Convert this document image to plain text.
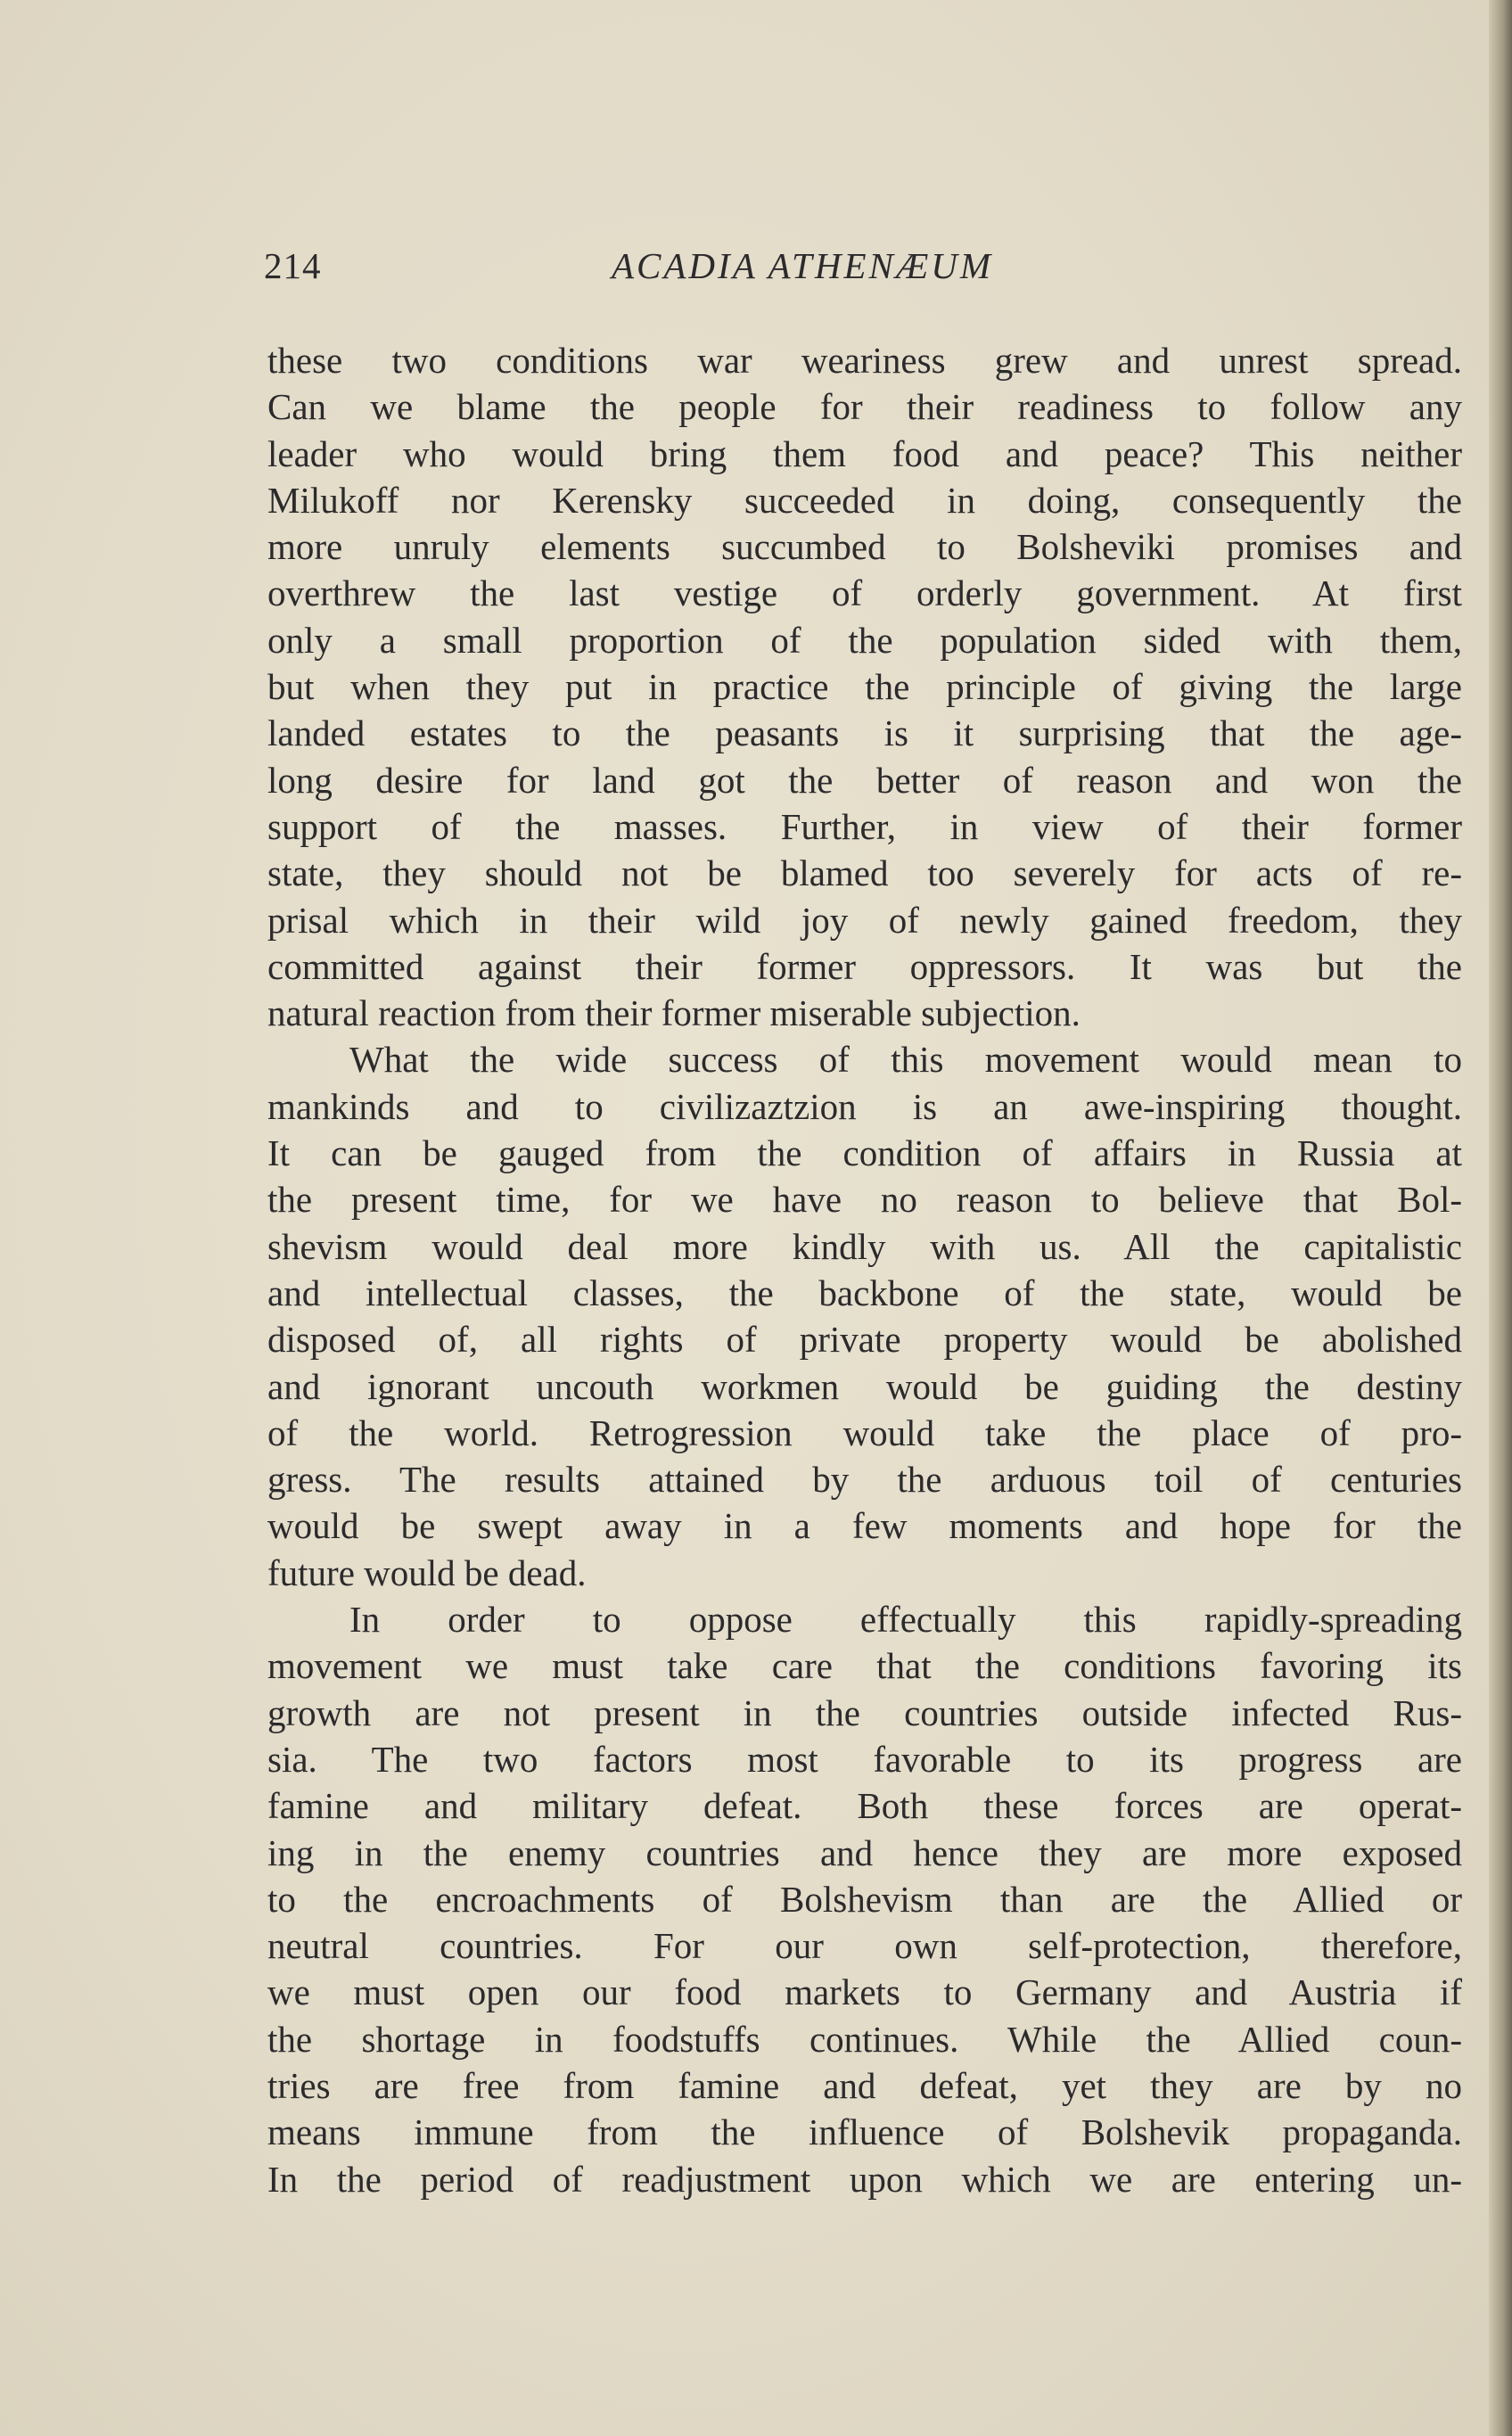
214	ACADIA ATHENÆUM
these two conditions war weariness grew and unrest spread.
Can we blame the people for their readiness to follow any
leader who would bring them food and peace? This neither
Milukoff nor Kerensky succeeded in doing, consequently the
more unruly elements succumbed to Bolsheviki promises and
overthrew the last vestige of orderly government. At first
only a small proportion of the population sided with them,
but when they put in practice the principle of giving the large
landed estates to the peasants is it surprising that the age-
long desire for land got the better of reason and won the
support of the masses. Further, in view of their former
state, they should not be blamed too severely for acts of re-
prisal which in their wild joy of newly gained freedom, they
committed against their former oppressors. It was but the
natural reaction from their former miserable subjection.
What the wide success of this movement would mean to
mankinds and to civilizaztzion is an awe-inspiring thought.
It can be gauged from the condition of affairs in Russia at
the present time, for we have no reason to believe that Bol-
shevism would deal more kindly with us. All the capitalistic
and intellectual classes, the backbone of the state, would be
disposed of, all rights of private property would be abolished
and ignorant uncouth workmen would be guiding the destiny
of the world. Retrogression would take the place of pro-
gress. The results attained by the arduous toil of centuries
would be swept away in a few moments and hope for the
future would be dead.
In order to oppose effectually this rapidly-spreading
movement we must take care that the conditions favoring its
growth are not present in the countries outside infected Rus-
sia. The two factors most favorable to its progress are
famine and military defeat. Both these forces are operat-
ing in the enemy countries and hence they are more exposed
to the encroachments of Bolshevism than are the Allied or
neutral countries. For our own self-protection, therefore,
we must open our food markets to Germany and Austria if
the shortage in foodstuffs continues. While the Allied coun-
tries are free from famine and defeat, yet they are by no
means immune from the influence of Bolshevik propaganda.
In the period of readjustment upon which we are entering un-
